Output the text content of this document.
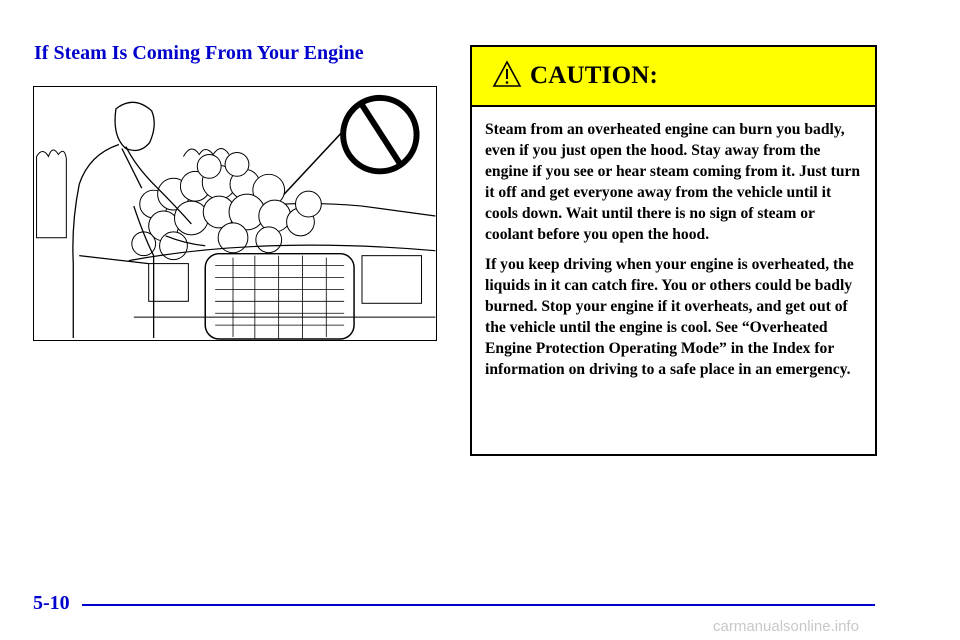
If Steam Is Coming From Your Engine
CAUTION:

Steam from an overheated engine can burn you badly, even if you just open the hood. Stay away from the engine if you see or hear steam coming from it. Just turn it off and get everyone away from the vehicle until it cools down. Wait until there is no sign of steam or coolant before you open the hood.

If you keep driving when your engine is overheated, the liquids in it can catch fire. You or others could be badly burned. Stop your engine if it overheats, and get out of the vehicle until the engine is cool. See “Overheated Engine Protection Operating Mode” in the Index for information on driving to a safe place in an emergency.

5-10
carmanualsonline.info
